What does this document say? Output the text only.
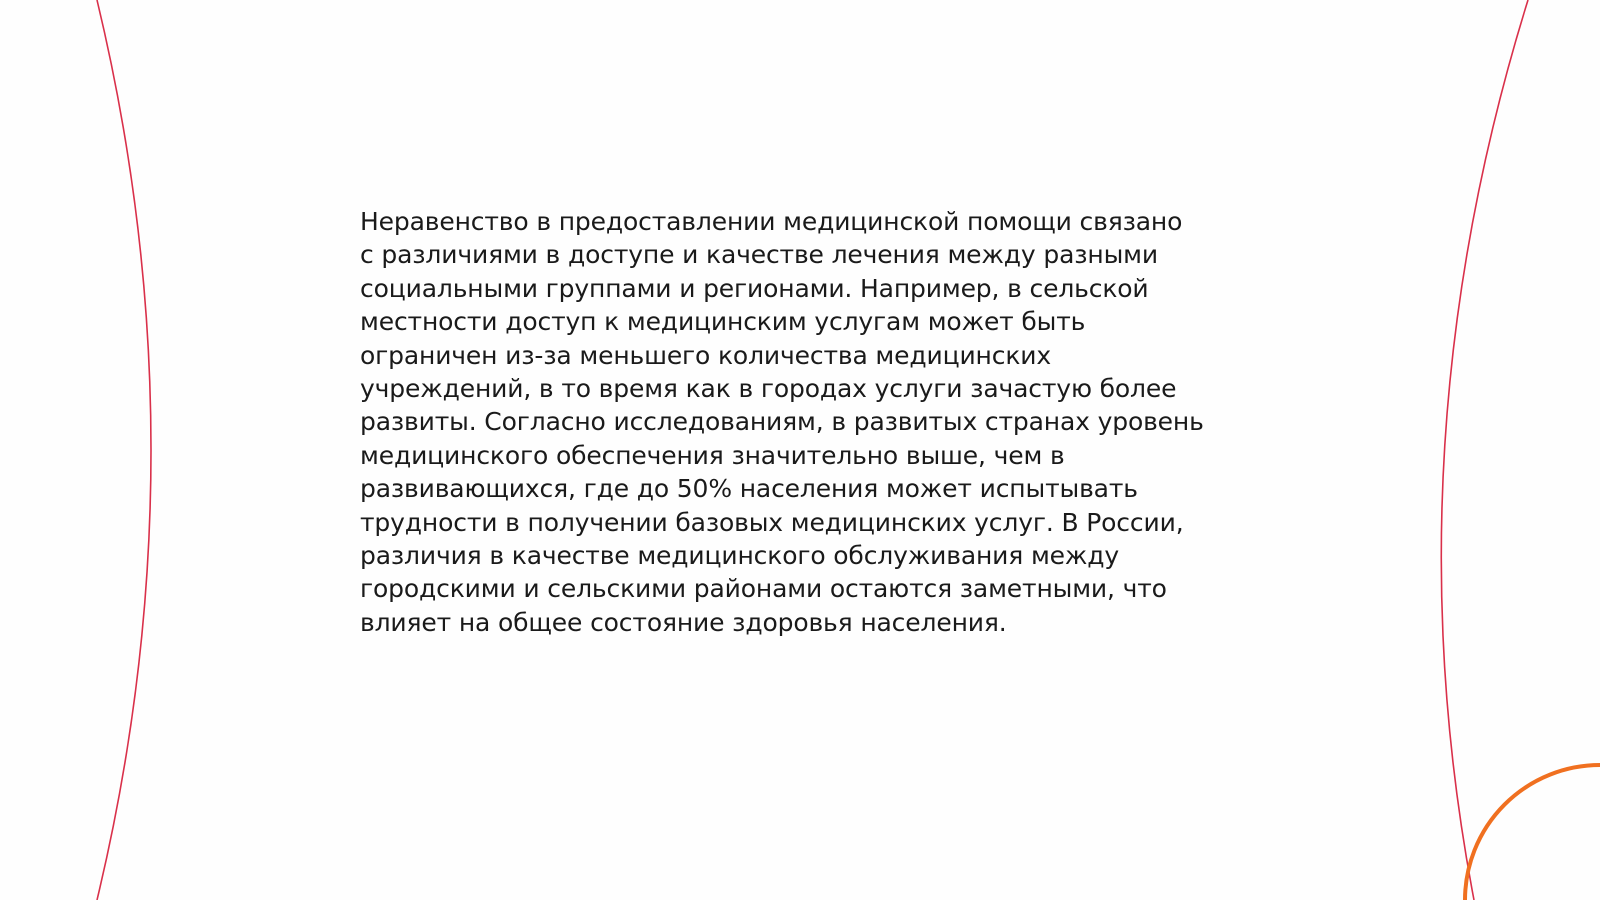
Неравенство в предоставлении медицинской помощи связано
с различиями в доступе и качестве лечения между разными
социальными группами и регионами. Например, в сельской
местности доступ к медицинским услугам может быть
ограничен из-за меньшего количества медицинских
учреждений, в то время как в городах услуги зачастую более
развиты. Согласно исследованиям, в развитых странах уровень
медицинского обеспечения значительно выше, чем в
развивающихся, где до 50% населения может испытывать
трудности в получении базовых медицинских услуг. В России,
различия в качестве медицинского обслуживания между
городскими и сельскими районами остаются заметными, что
влияет на общее состояние здоровья населения.
